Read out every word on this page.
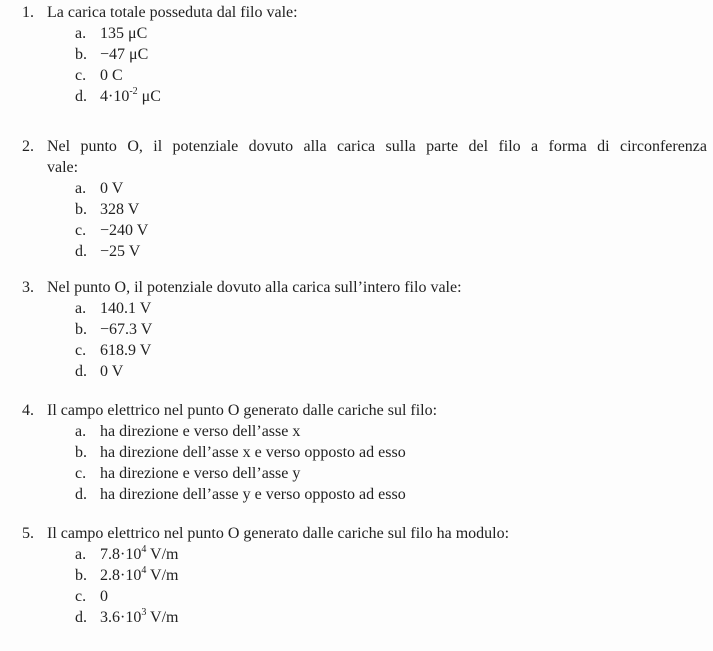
1. La carica totale posseduta dal filo vale:
a. 135 μC
b. −47 μC
c. 0 C
d. $4\cdot 10^{-2}$ μC
2. Nel punto O, il potenziale dovuto alla carica sulla parte del filo a forma di circonferenza
vale:
a. 0 V
b. 328 V
c. −240 V
d. −25 V
3. Nel punto O, il potenziale dovuto alla carica sull’intero filo vale:
a. 140.1 V
b. −67.3 V
c. 618.9 V
d. 0 V
4. Il campo elettrico nel punto O generato dalle cariche sul filo:
a. ha direzione e verso dell’asse x
b. ha direzione dell’asse x e verso opposto ad esso
c. ha direzione e verso dell’asse y
d. ha direzione dell’asse y e verso opposto ad esso
5. Il campo elettrico nel punto O generato dalle cariche sul filo ha modulo:
a. $7.8\cdot 10^4$ V/m
b. $2.8\cdot 10^4$ V/m
c. 0
d. $3.6\cdot 10^3$ V/m
